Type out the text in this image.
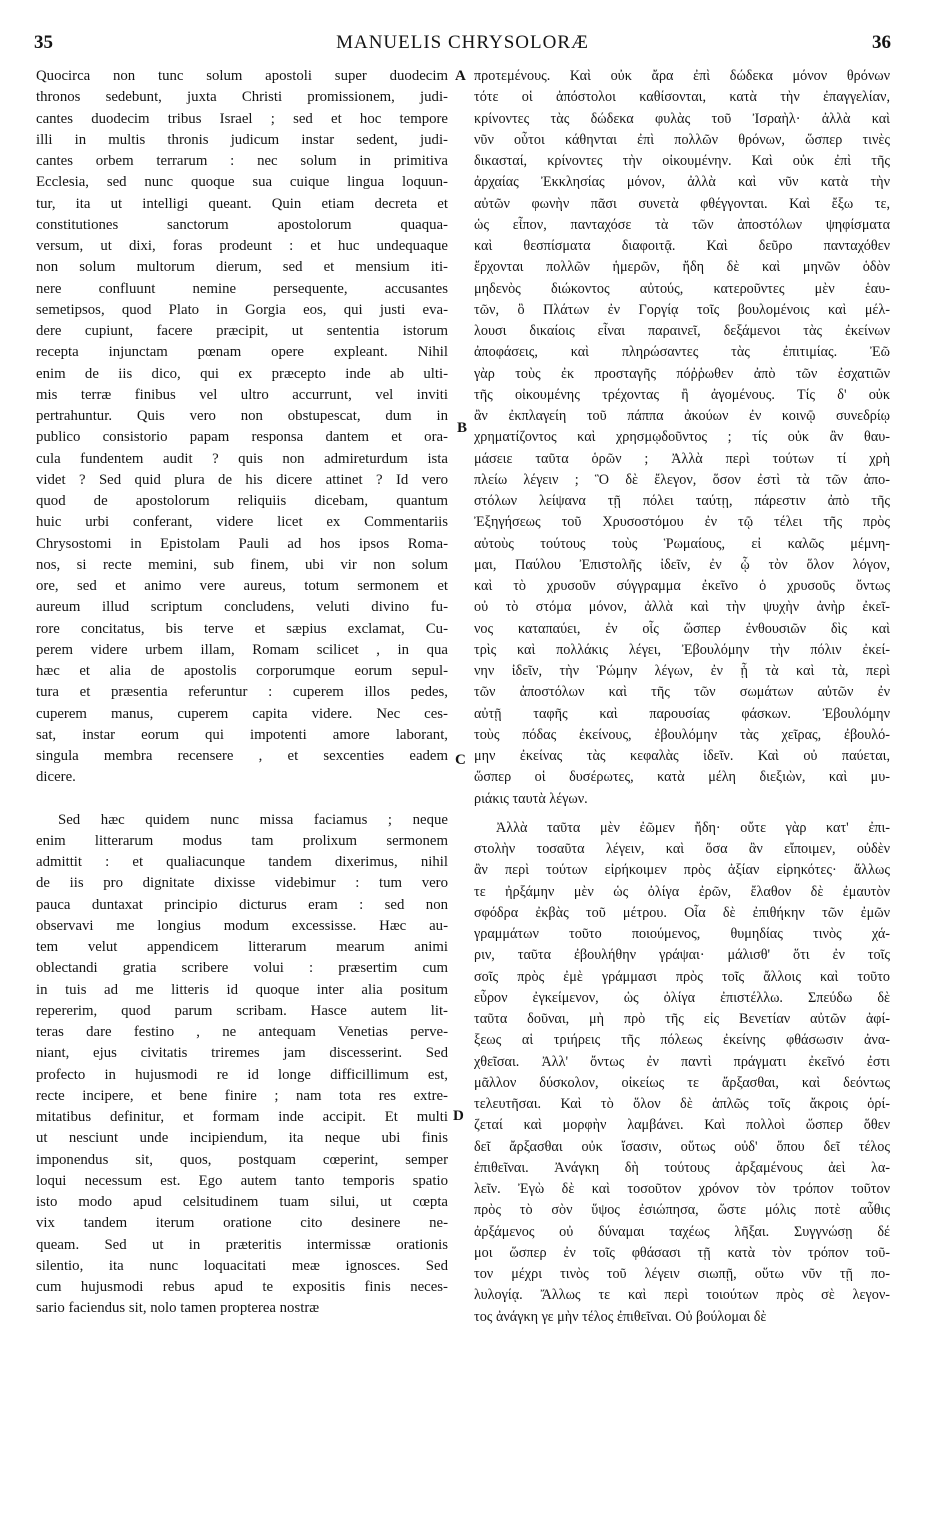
35	MANUELIS CHRYSOLORÆ	36
Quocirca non tunc solum apostoli super duodecim
thronos sedebunt, juxta Christi promissionem, judi-
cantes duodecim tribus Israel ; sed et hoc tempore
illi in multis thronis judicum instar sedent, judi-
cantes orbem terrarum : nec solum in primitiva
Ecclesia, sed nunc quoque sua cuique lingua loquun-
tur, ita ut intelligi queant. Quin etiam decreta et
constitutiones sanctorum apostolorum quaqua-
versum, ut dixi, foras prodeunt : et huc undequaque
non solum multorum dierum, sed et mensium iti-
nere confluunt nemine persequente, accusantes
semetipsos, quod Plato in Gorgia eos, qui justi eva-
dere cupiunt, facere præcipit, ut sententia istorum
recepta injunctam pœnam opere expleant. Nihil
enim de iis dico, qui ex præcepto inde ab ulti-
mis terræ finibus vel ultro accurrunt, vel inviti
pertrahuntur. Quis vero non obstupescat, dum in
publico consistorio papam responsa dantem et ora-
cula fundentem audit ? quis non admireturdum ista
videt ? Sed quid plura de his dicere attinet ? Id vero
quod de apostolorum reliquiis dicebam, quantum
huic urbi conferant, videre licet ex Commentariis
Chrysostomi in Epistolam Pauli ad hos ipsos Roma-
nos, si recte memini, sub finem, ubi vir non solum
ore, sed et animo vere aureus, totum sermonem et
aureum illud scriptum concludens, veluti divino fu-
rore concitatus, bis terve et sæpius exclamat, Cu-
perem videre urbem illam, Romam scilicet , in qua
hæc et alia de apostolis corporumque eorum sepul-
tura et præsentia referuntur : cuperem illos pedes,
cuperem manus, cuperem capita videre. Nec ces-
sat, instar eorum qui impotenti amore laborant,
singula membra recensere , et sexcenties eadem
dicere.
Sed hæc quidem nunc missa faciamus ; neque
enim litterarum modus tam prolixum sermonem
admittit : et qualiacunque tandem dixerimus, nihil
de iis pro dignitate dixisse videbimur : tum vero
pauca duntaxat principio dicturus eram : sed non
observavi me longius modum excessisse. Hæc au-
tem velut appendicem litterarum mearum animi
oblectandi gratia scribere volui : præsertim cum
in tuis ad me litteris id quoque inter alia positum
repererim, quod parum scribam. Hasce autem lit-
teras dare festino , ne antequam Venetias perve-
niant, ejus civitatis triremes jam discesserint. Sed
profecto in hujusmodi re id longe difficillimum est,
recte incipere, et bene finire ; nam tota res extre-
mitatibus definitur, et formam inde accipit. Et multi
ut nesciunt unde incipiendum, ita neque ubi finis
imponendus sit, quos, postquam cœperint, semper
loqui necessum est. Ego autem tanto temporis spatio
isto modo apud celsitudinem tuam silui, ut cœpta
vix tandem iterum oratione cito desinere ne-
queam. Sed ut in præteritis intermissæ orationis
silentio, ita nunc loquacitati meæ ignosces. Sed
cum hujusmodi rebus apud te expositis finis neces-
sario faciendus sit, nolo tamen propterea nostræ
A
B
C
D
προτεμένους. Καὶ οὐκ ἄρα ἐπὶ δώδεκα μόνον θρόνων
τότε οἱ ἀπόστολοι καθίσονται, κατὰ τὴν ἐπαγγελίαν,
κρίνοντες τὰς δώδεκα φυλὰς τοῦ Ἰσραὴλ· ἀλλὰ καὶ
νῦν οὗτοι κάθηνται ἐπὶ πολλῶν θρόνων, ὥσπερ τινὲς
δικασταί, κρίνοντες τὴν οἰκουμένην. Καὶ οὐκ ἐπὶ τῆς
ἀρχαίας Ἐκκλησίας μόνον, ἀλλὰ καὶ νῦν κατὰ τὴν
αὐτῶν φωνὴν πᾶσι συνετὰ φθέγγονται. Καὶ ἔξω τε,
ὡς εἶπον, πανταχόσε τὰ τῶν ἀποστόλων ψηφίσματα
καὶ θεσπίσματα διαφοιτᾷ. Καὶ δεῦρο πανταχόθεν
ἔρχονται πολλῶν ἡμερῶν, ἤδη δὲ καὶ μηνῶν ὁδὸν
μηδενὸς διώκοντος αὐτούς, κατεροῦντες μὲν ἑαυ-
τῶν, ὃ Πλάτων ἐν Γοργίᾳ τοῖς βουλομένοις καὶ μέλ-
λουσι δικαίοις εἶναι παραινεῖ, δεξάμενοι τὰς ἐκείνων
ἀποφάσεις, καὶ πληρώσαντες τὰς ἐπιτιμίας. Ἐῶ
γὰρ τοὺς ἐκ προσταγῆς πόῤῥωθεν ἀπὸ τῶν ἐσχατιῶν
τῆς οἰκουμένης τρέχοντας ἢ ἀγομένους. Τίς δ' οὐκ
ἂν ἐκπλαγείη τοῦ πάππα ἀκούων ἐν κοινῷ συνεδρίῳ
χρηματίζοντος καὶ χρησμῳδοῦντος ; τίς οὐκ ἂν θαυ-
μάσειε ταῦτα ὁρῶν ; Ἀλλὰ περὶ τούτων τί χρὴ
πλείω λέγειν ; Ὃ δὲ ἔλεγον, ὅσον ἐστὶ τὰ τῶν ἀπο-
στόλων λείψανα τῇ πόλει ταύτῃ, πάρεστιν ἀπὸ τῆς
Ἐξηγήσεως τοῦ Χρυσοστόμου ἐν τῷ τέλει τῆς πρὸς
αὐτοὺς τούτους τοὺς Ῥωμαίους, εἰ καλῶς μέμνη-
μαι, Παύλου Ἐπιστολῆς ἰδεῖν, ἐν ᾧ τὸν ὅλον λόγον,
καὶ τὸ χρυσοῦν σύγγραμμα ἐκεῖνο ὁ χρυσοῦς ὄντως
οὐ τὸ στόμα μόνον, ἀλλὰ καὶ τὴν ψυχὴν ἀνὴρ ἐκεῖ-
νος καταπαύει, ἐν οἷς ὥσπερ ἐνθουσιῶν δὶς καὶ
τρὶς καὶ πολλάκις λέγει, Ἐβουλόμην τὴν πόλιν ἐκεί-
νην ἰδεῖν, τὴν Ῥώμην λέγων, ἐν ᾗ τὰ καὶ τὰ, περὶ
τῶν ἀποστόλων καὶ τῆς τῶν σωμάτων αὐτῶν ἐν
αὐτῇ ταφῆς καὶ παρουσίας φάσκων. Ἐβουλόμην
τοὺς πόδας ἐκείνους, ἐβουλόμην τὰς χεῖρας, ἐβουλό-
μην ἐκείνας τὰς κεφαλὰς ἰδεῖν. Καὶ οὐ παύεται,
ὥσπερ οἱ δυσέρωτες, κατὰ μέλη διεξιὼν, καὶ μυ-
ριάκις ταυτὰ λέγων.
Ἀλλὰ ταῦτα μὲν ἐῶμεν ἤδη· οὔτε γὰρ κατ' ἐπι-
στολὴν τοσαῦτα λέγειν, καὶ ὅσα ἂν εἴποιμεν, οὐδὲν
ἂν περὶ τούτων εἰρήκοιμεν πρὸς ἀξίαν εἰρηκότες· ἄλλως
τε ἠρξάμην μὲν ὡς ὀλίγα ἐρῶν, ἔλαθον δὲ ἐμαυτὸν
σφόδρα ἐκβὰς τοῦ μέτρου. Οἷα δὲ ἐπιθήκην τῶν ἐμῶν
γραμμάτων τοῦτο ποιούμενος, θυμηδίας τινὸς χά-
ριν, ταῦτα ἐβουλήθην γράψαι· μάλισθ' ὅτι ἐν τοῖς
σοῖς πρὸς ἐμὲ γράμμασι πρὸς τοῖς ἄλλοις καὶ τοῦτο
εὗρον ἐγκείμενον, ὡς ὀλίγα ἐπιστέλλω. Σπεύδω δὲ
ταῦτα δοῦναι, μὴ πρὸ τῆς εἰς Βενετίαν αὐτῶν ἀφί-
ξεως αἱ τριήρεις τῆς πόλεως ἐκείνης φθάσωσιν ἀνα-
χθεῖσαι. Ἀλλ' ὄντως ἐν παντὶ πράγματι ἐκεῖνό ἐστι
μᾶλλον δύσκολον, οἰκείως τε ἄρξασθαι, καὶ δεόντως
τελευτῆσαι. Καὶ τὸ ὅλον δὲ ἁπλῶς τοῖς ἄκροις ὁρί-
ζεταί καὶ μορφὴν λαμβάνει. Καὶ πολλοὶ ὥσπερ ὅθεν
δεῖ ἄρξασθαι οὐκ ἴσασιν, οὕτως οὐδ' ὅπου δεῖ τέλος
ἐπιθεῖναι. Ἀνάγκη δὴ τούτους ἀρξαμένους ἀεὶ λα-
λεῖν. Ἐγὼ δὲ καὶ τοσοῦτον χρόνον τὸν τρόπον τοῦτον
πρὸς τὸ σὸν ὕψος ἐσιώπησα, ὥστε μόλις ποτὲ αὖθις
ἀρξάμενος οὐ δύναμαι ταχέως λῆξαι. Συγγνώσῃ δέ
μοι ὥσπερ ἐν τοῖς φθάσασι τῇ κατὰ τὸν τρόπον τοῦ-
τον μέχρι τινὸς τοῦ λέγειν σιωπῇ, οὕτω νῦν τῇ πο-
λυλογίᾳ. Ἄλλως τε καὶ περὶ τοιούτων πρὸς σὲ λεγον-
τος ἀνάγκη γε μὴν τέλος ἐπιθεῖναι. Οὐ βούλομαι δὲ
